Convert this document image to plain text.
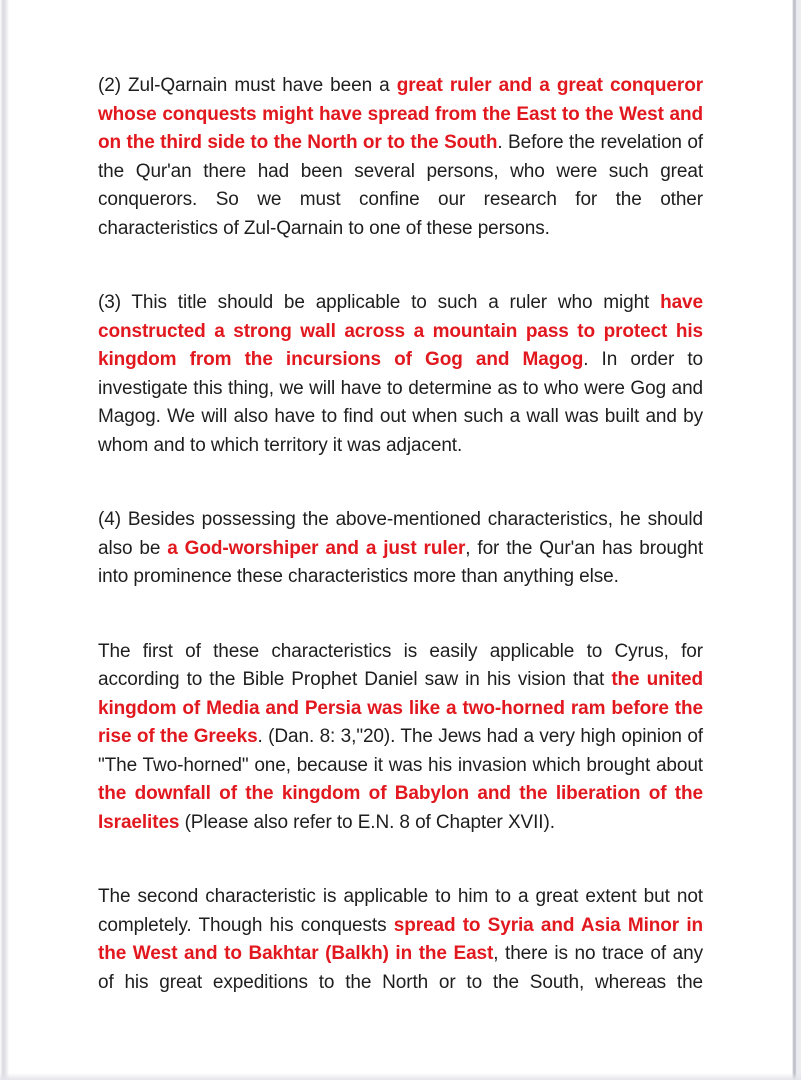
(2) Zul-Qarnain must have been a great ruler and a great conqueror whose conquests might have spread from the East to the West and on the third side to the North or to the South. Before the revelation of the Qur'an there had been several persons, who were such great conquerors. So we must confine our research for the other characteristics of Zul-Qarnain to one of these persons.

(3) This title should be applicable to such a ruler who might have constructed a strong wall across a mountain pass to protect his kingdom from the incursions of Gog and Magog. In order to investigate this thing, we will have to determine as to who were Gog and Magog. We will also have to find out when such a wall was built and by whom and to which territory it was adjacent.

(4) Besides possessing the above-mentioned characteristics, he should also be a God-worshiper and a just ruler, for the Qur'an has brought into prominence these characteristics more than anything else.

The first of these characteristics is easily applicable to Cyrus, for according to the Bible Prophet Daniel saw in his vision that the united kingdom of Media and Persia was like a two-horned ram before the rise of the Greeks. (Dan. 8: 3,"20). The Jews had a very high opinion of "The Two-horned" one, because it was his invasion which brought about the downfall of the kingdom of Babylon and the liberation of the Israelites (Please also refer to E.N. 8 of Chapter XVII).

The second characteristic is applicable to him to a great extent but not completely. Though his conquests spread to Syria and Asia Minor in the West and to Bakhtar (Balkh) in the East, there is no trace of any of his great expeditions to the North or to the South, whereas the
